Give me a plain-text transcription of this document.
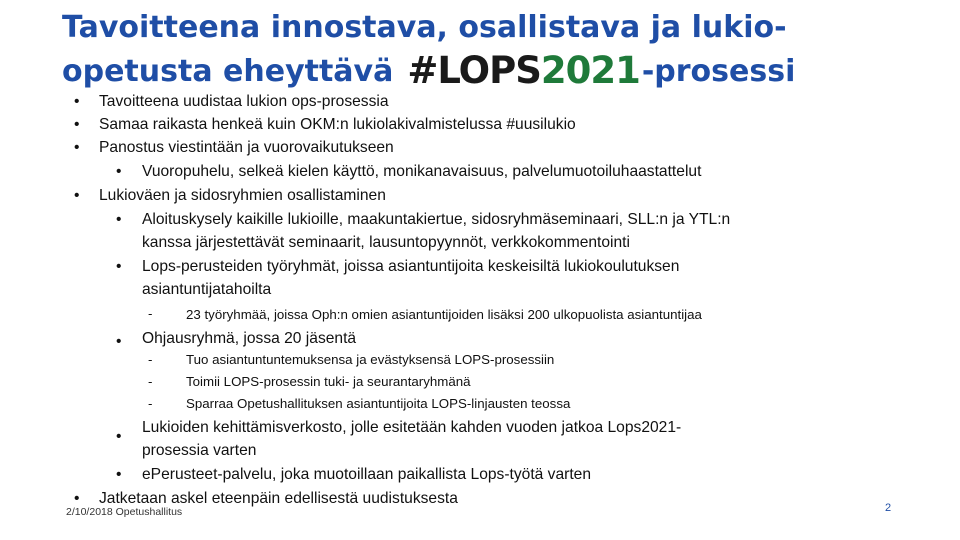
Tavoitteena innostava, osallistava ja lukio-
opetusta eheyttävä #LOPS2021-prosessi
• Tavoitteena uudistaa lukion ops-prosessia
• Samaa raikasta henkeä kuin OKM:n lukiolakivalmistelussa #uusilukio
• Panostus viestintään ja vuorovaikutukseen
• Vuoropuhelu, selkeä kielen käyttö, monikanavaisuus, palvelumuotoiluhaastattelut
• Lukioväen ja sidosryhmien osallistaminen
• Aloituskysely kaikille lukioille, maakuntakiertue, sidosryhmäseminaari, SLL:n ja YTL:n
kanssa järjestettävät seminaarit, lausuntopyynnöt, verkkokommentointi
• Lops-perusteiden työryhmät, joissa asiantuntijoita keskeisiltä lukiokoulutuksen
asiantuntijatahoilta
-	23 työryhmää, joissa Oph:n omien asiantuntijoiden lisäksi 200 ulkopuolista asiantuntijaa
• Ohjausryhmä, jossa 20 jäsentä
-	Tuo asiantuntuntemuksensa ja evästyksensä LOPS-prosessiin
-	Toimii LOPS-prosessin tuki- ja seurantaryhmänä
-	Sparraa Opetushallituksen asiantuntijoita LOPS-linjausten teossa
•
Lukioiden kehittämisverkosto, jolle esitetään kahden vuoden jatkoa Lops2021-
prosessia varten
• ePerusteet-palvelu, joka muotoillaan paikallista Lops-työtä varten
• Jatketaan askel eteenpäin edellisestä uudistuksesta
2/10/2018 Opetushallitus	2
